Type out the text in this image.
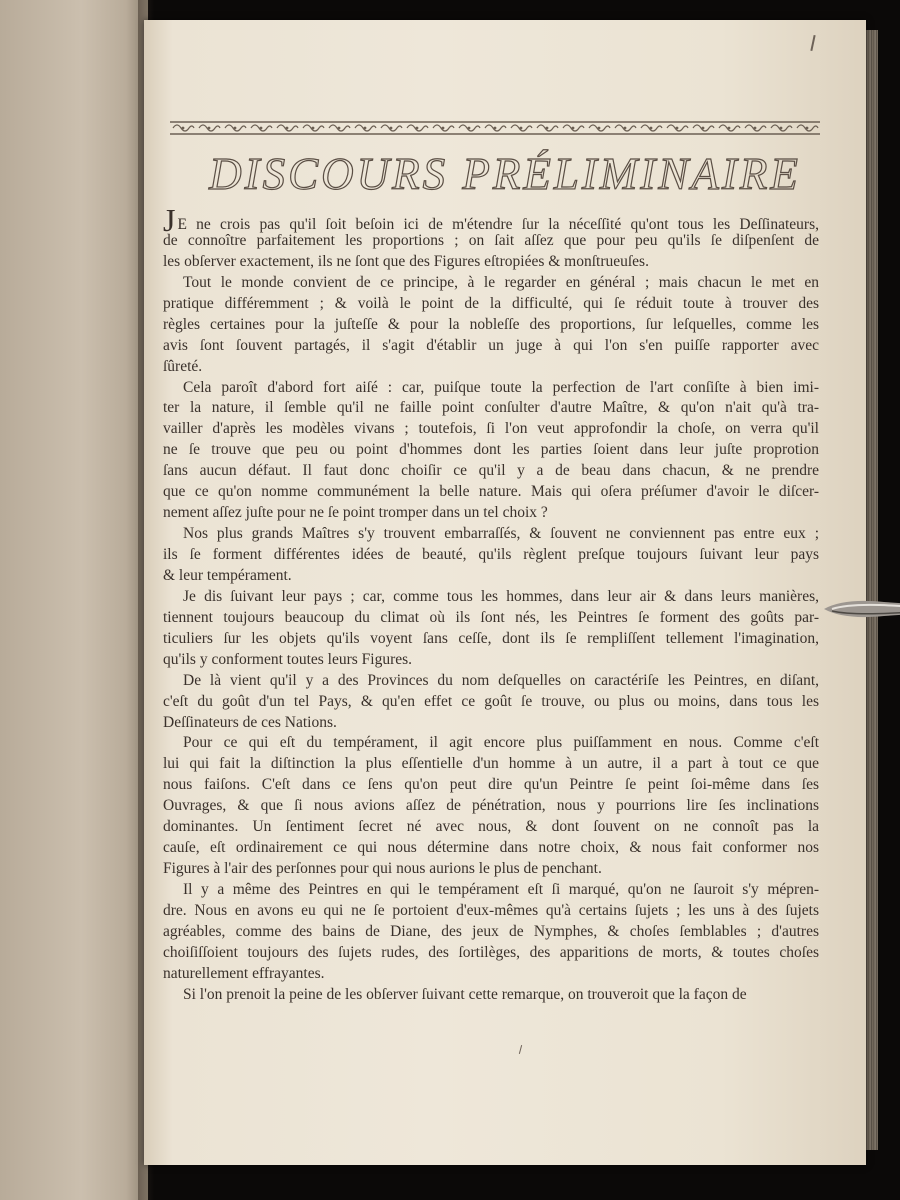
DISCOURS PRÉLIMINAIRE
J E ne crois pas qu'il ſoit beſoin ici de m'étendre ſur la néceſſité qu'ont tous les Deſſinateurs,
de connoître parfaitement les proportions ; on ſait aſſez que pour peu qu'ils ſe diſpenſent de
les obſerver exactement, ils ne ſont que des Figures eſtropiées & monſtrueuſes.
Tout le monde convient de ce principe, à le regarder en général ; mais chacun le met en
pratique différemment ; & voilà le point de la difficulté, qui ſe réduit toute à trouver des
règles certaines pour la juſteſſe & pour la nobleſſe des proportions, ſur leſquelles, comme les
avis ſont ſouvent partagés, il s'agit d'établir un juge à qui l'on s'en puiſſe rapporter avec
ſûreté.
Cela paroît d'abord fort aiſé : car, puiſque toute la perfection de l'art conſiſte à bien imi-
ter la nature, il ſemble qu'il ne faille point conſulter d'autre Maître, & qu'on n'ait qu'à tra-
vailler d'après les modèles vivans ; toutefois, ſi l'on veut approfondir la choſe, on verra qu'il
ne ſe trouve que peu ou point d'hommes dont les parties ſoient dans leur juſte proprotion
ſans aucun défaut. Il faut donc choiſir ce qu'il y a de beau dans chacun, & ne prendre
que ce qu'on nomme communément la belle nature. Mais qui oſera préſumer d'avoir le diſcer-
nement aſſez juſte pour ne ſe point tromper dans un tel choix ?
Nos plus grands Maîtres s'y trouvent embarraſſés, & ſouvent ne conviennent pas entre eux ;
ils ſe forment différentes idées de beauté, qu'ils règlent preſque toujours ſuivant leur pays
& leur tempérament.
Je dis ſuivant leur pays ; car, comme tous les hommes, dans leur air & dans leurs manières,
tiennent toujours beaucoup du climat où ils ſont nés, les Peintres ſe forment des goûts par-
ticuliers ſur les objets qu'ils voyent ſans ceſſe, dont ils ſe rempliſſent tellement l'imagination,
qu'ils y conforment toutes leurs Figures.
De là vient qu'il y a des Provinces du nom deſquelles on caractériſe les Peintres, en diſant,
c'eſt du goût d'un tel Pays, & qu'en effet ce goût ſe trouve, ou plus ou moins, dans tous les
Deſſinateurs de ces Nations.
Pour ce qui eſt du tempérament, il agit encore plus puiſſamment en nous. Comme c'eſt
lui qui fait la diſtinction la plus eſſentielle d'un homme à un autre, il a part à tout ce que
nous faiſons. C'eſt dans ce ſens qu'on peut dire qu'un Peintre ſe peint ſoi-même dans ſes
Ouvrages, & que ſi nous avions aſſez de pénétration, nous y pourrions lire ſes inclinations
dominantes. Un ſentiment ſecret né avec nous, & dont ſouvent on ne connoît pas la
cauſe, eſt ordinairement ce qui nous détermine dans notre choix, & nous fait conformer nos
Figures à l'air des perſonnes pour qui nous aurions le plus de penchant.
Il y a même des Peintres en qui le tempérament eſt ſi marqué, qu'on ne ſauroit s'y mépren-
dre. Nous en avons eu qui ne ſe portoient d'eux-mêmes qu'à certains ſujets ; les uns à des ſujets
agréables, comme des bains de Diane, des jeux de Nymphes, & choſes ſemblables ; d'autres
choiſiſſoient toujours des ſujets rudes, des ſortilèges, des apparitions de morts, & toutes choſes
naturellement effrayantes.
Si l'on prenoit la peine de les obſerver ſuivant cette remarque, on trouveroit que la façon de
